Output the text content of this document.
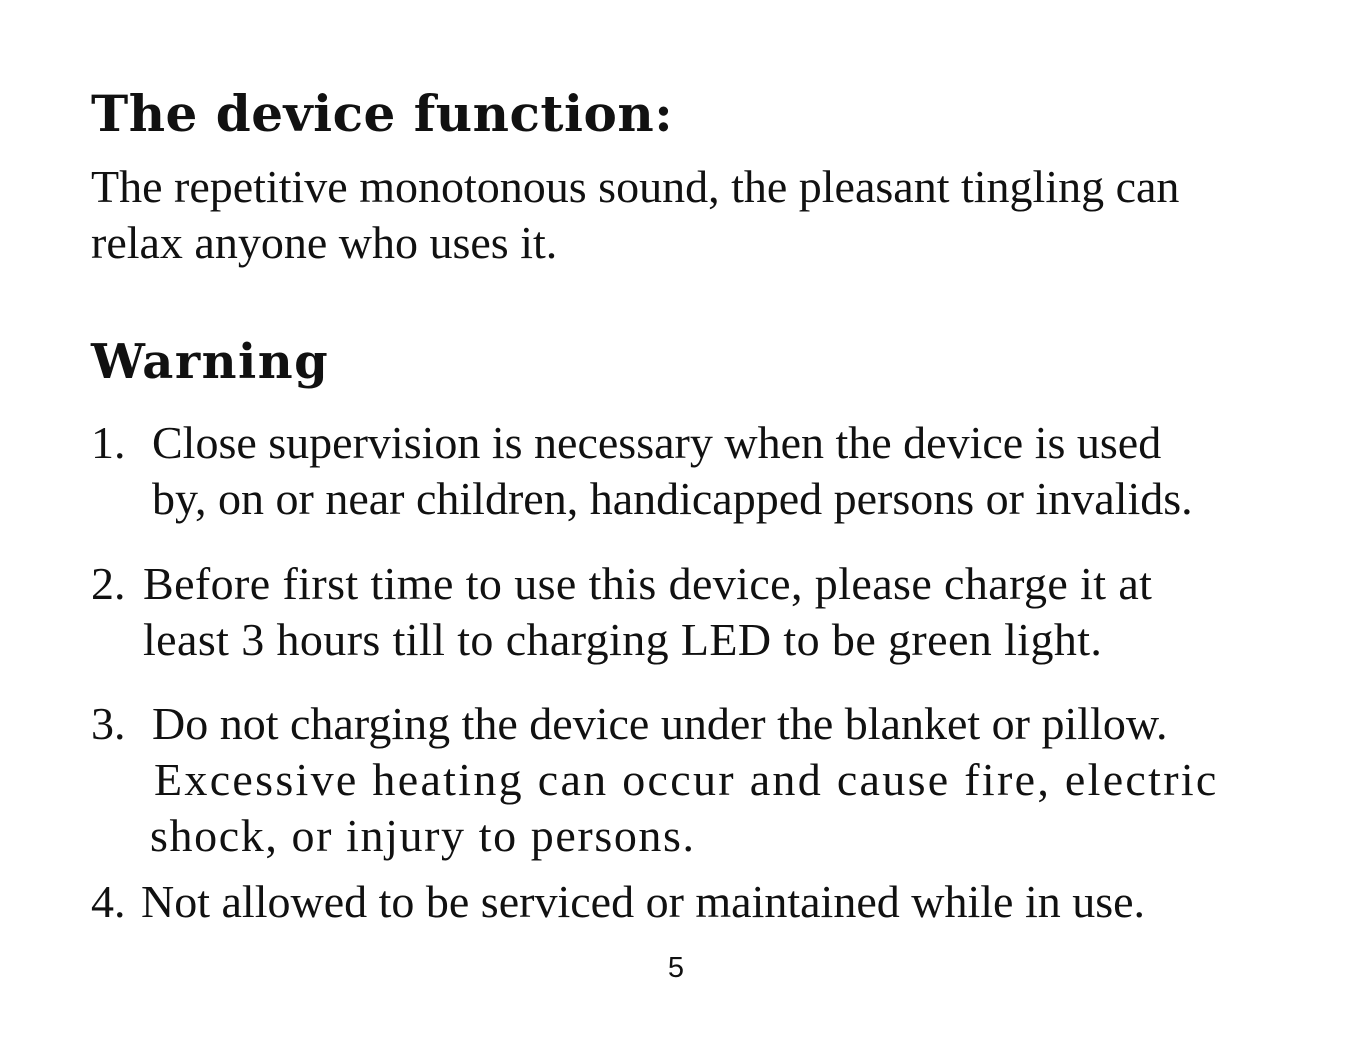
The device function:
The repetitive monotonous sound, the pleasant tingling can
relax anyone who uses it.
Warning
1. Close supervision is necessary when the device is used
by, on or near children, handicapped persons or invalids.
2. Before first time to use this device, please charge it at
least 3 hours till to charging LED to be green light.
3. Do not charging the device under the blanket or pillow.
Excessive heating can occur and cause fire, electric
shock, or injury to persons.
4. Not allowed to be serviced or maintained while in use.
5
